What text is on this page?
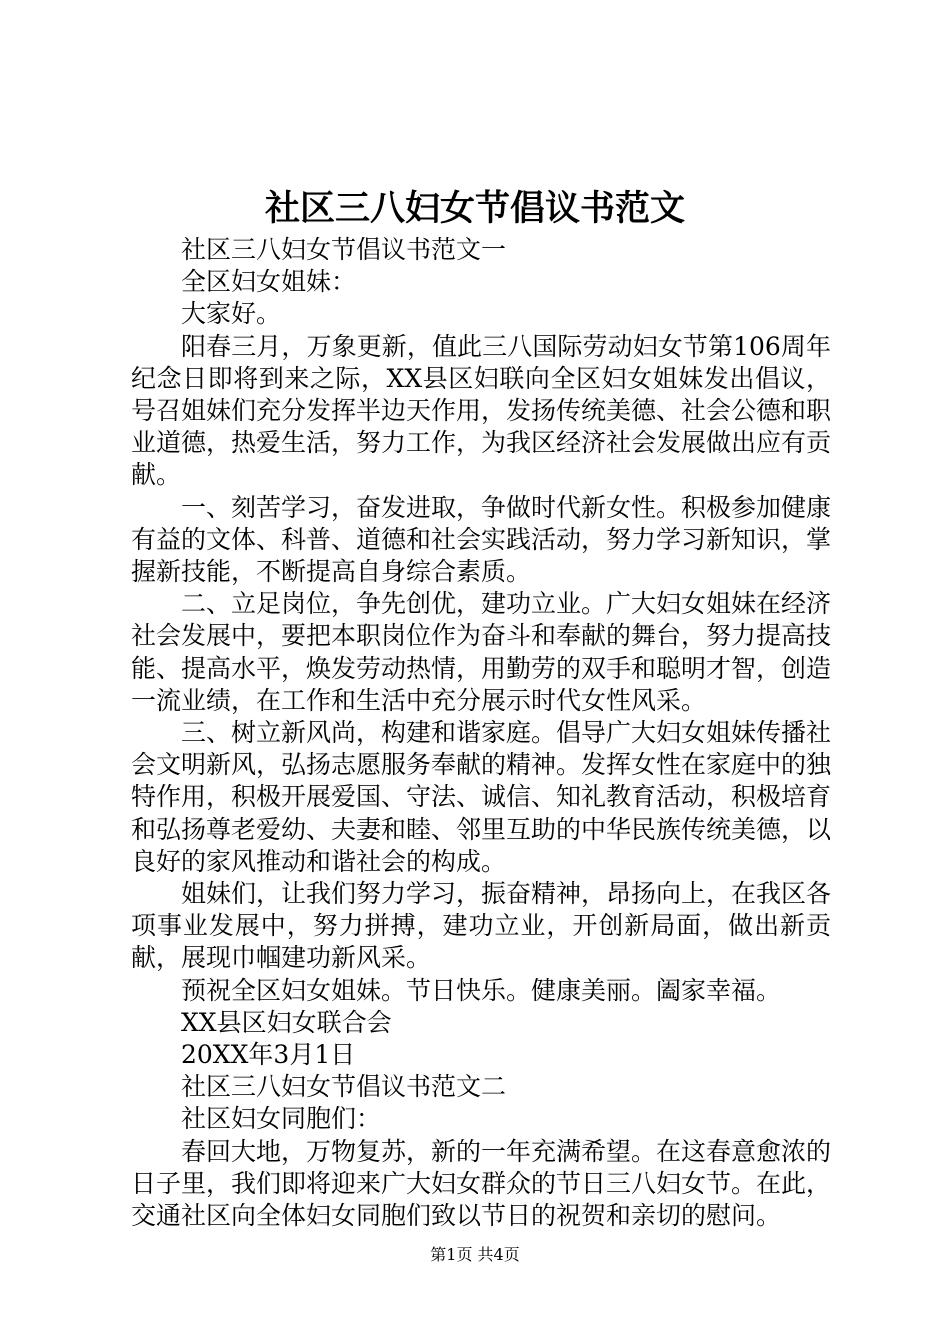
社区三八妇女节倡议书范文

社区三八妇女节倡议书范文一

全区妇女姐妹：

大家好。

阳春三月，万象更新，值此三八国际劳动妇女节第106周年纪念日即将到来之际，XX县区妇联向全区妇女姐妹发出倡议，号召姐妹们充分发挥半边天作用，发扬传统美德、社会公德和职业道德，热爱生活，努力工作，为我区经济社会发展做出应有贡献。

一、刻苦学习，奋发进取，争做时代新女性。积极参加健康有益的文体、科普、道德和社会实践活动，努力学习新知识，掌握新技能，不断提高自身综合素质。

二、立足岗位，争先创优，建功立业。广大妇女姐妹在经济社会发展中，要把本职岗位作为奋斗和奉献的舞台，努力提高技能、提高水平，焕发劳动热情，用勤劳的双手和聪明才智，创造一流业绩，在工作和生活中充分展示时代女性风采。

三、树立新风尚，构建和谐家庭。倡导广大妇女姐妹传播社会文明新风，弘扬志愿服务奉献的精神。发挥女性在家庭中的独特作用，积极开展爱国、守法、诚信、知礼教育活动，积极培育和弘扬尊老爱幼、夫妻和睦、邻里互助的中华民族传统美德，以良好的家风推动和谐社会的构成。

姐妹们，让我们努力学习，振奋精神，昂扬向上，在我区各项事业发展中，努力拼搏，建功立业，开创新局面，做出新贡献，展现巾帼建功新风采。

预祝全区妇女姐妹。节日快乐。健康美丽。阖家幸福。

XX县区妇女联合会

20XX年3月1日

社区三八妇女节倡议书范文二

社区妇女同胞们：

春回大地，万物复苏，新的一年充满希望。在这春意愈浓的日子里，我们即将迎来广大妇女群众的节日三八妇女节。在此，交通社区向全体妇女同胞们致以节日的祝贺和亲切的慰问。

第1页 共4页
